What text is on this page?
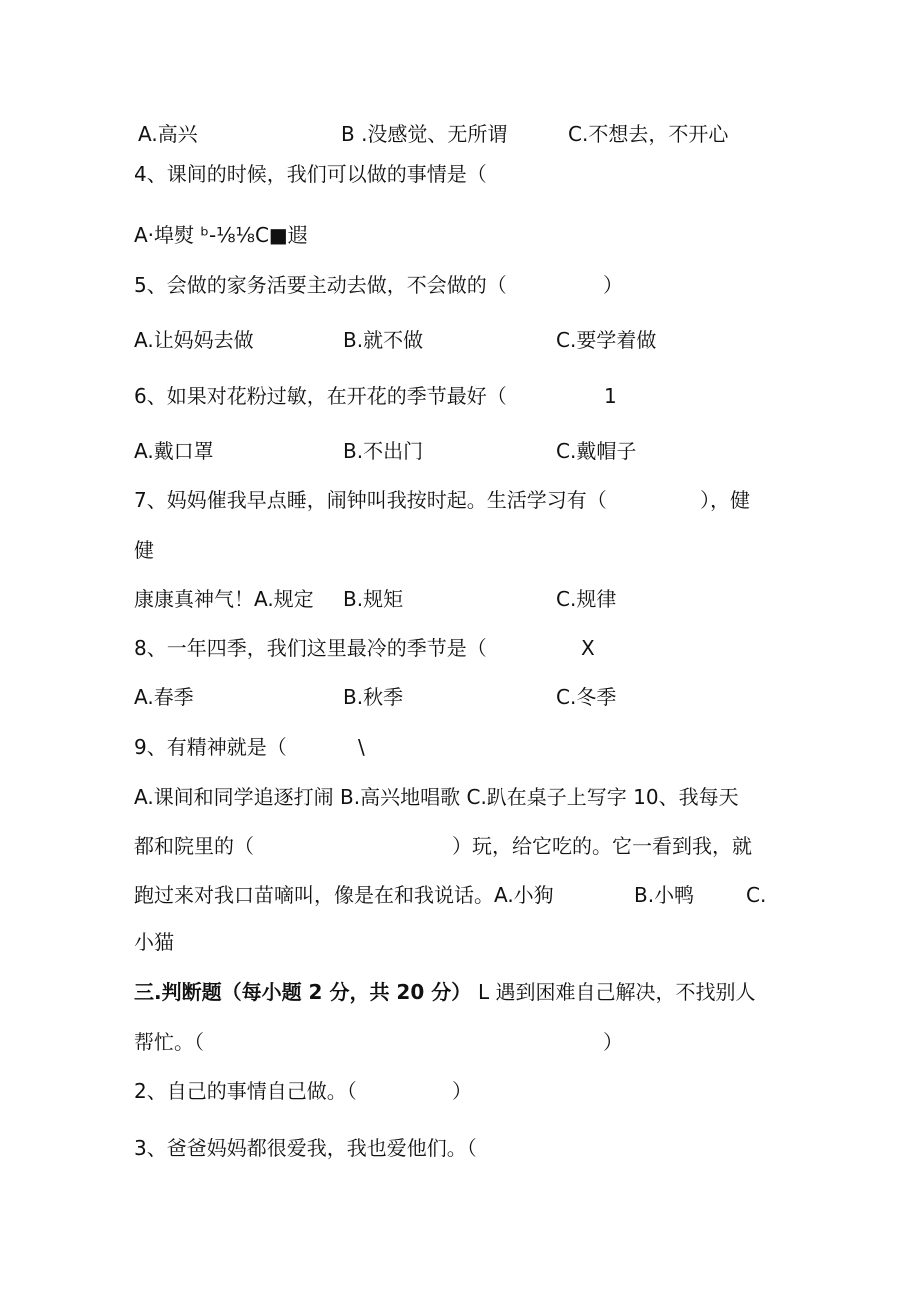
A.高兴	B .没感觉、无所谓	C.不想去，不开心
4、课间的时候，我们可以做的事情是（
A·埠熨 ᵇ-⅛⅛C■遐
5、会做的家务活要主动去做，不会做的（	）
A.让妈妈去做	B.就不做	C.要学着做
6、如果对花粉过敏，在开花的季节最好（	1
A.戴口罩	B.不出门	C.戴帽子
7、妈妈催我早点睡，闹钟叫我按时起。生活学习有（	），健
健
康康真神气！A.规定 B.规矩	C.规律
8、一年四季，我们这里最冷的季节是（	X
A.春季	B.秋季	C.冬季
9、有精神就是（	\
A.课间和同学追逐打闹 B.高兴地唱歌 C.趴在桌子上写字 10、我每天
都和院里的（	）玩，给它吃的。它一看到我，就
跑过来对我口苗嘀叫，像是在和我说话。A.小狗	B.小鸭	C.
小猫
三.判断题（每小题 2 分，共 20 分） L 遇到困难自己解决，不找别人
帮忙。（	）
2、自己的事情自己做。（	）
3、爸爸妈妈都很爱我，我也爱他们。（
